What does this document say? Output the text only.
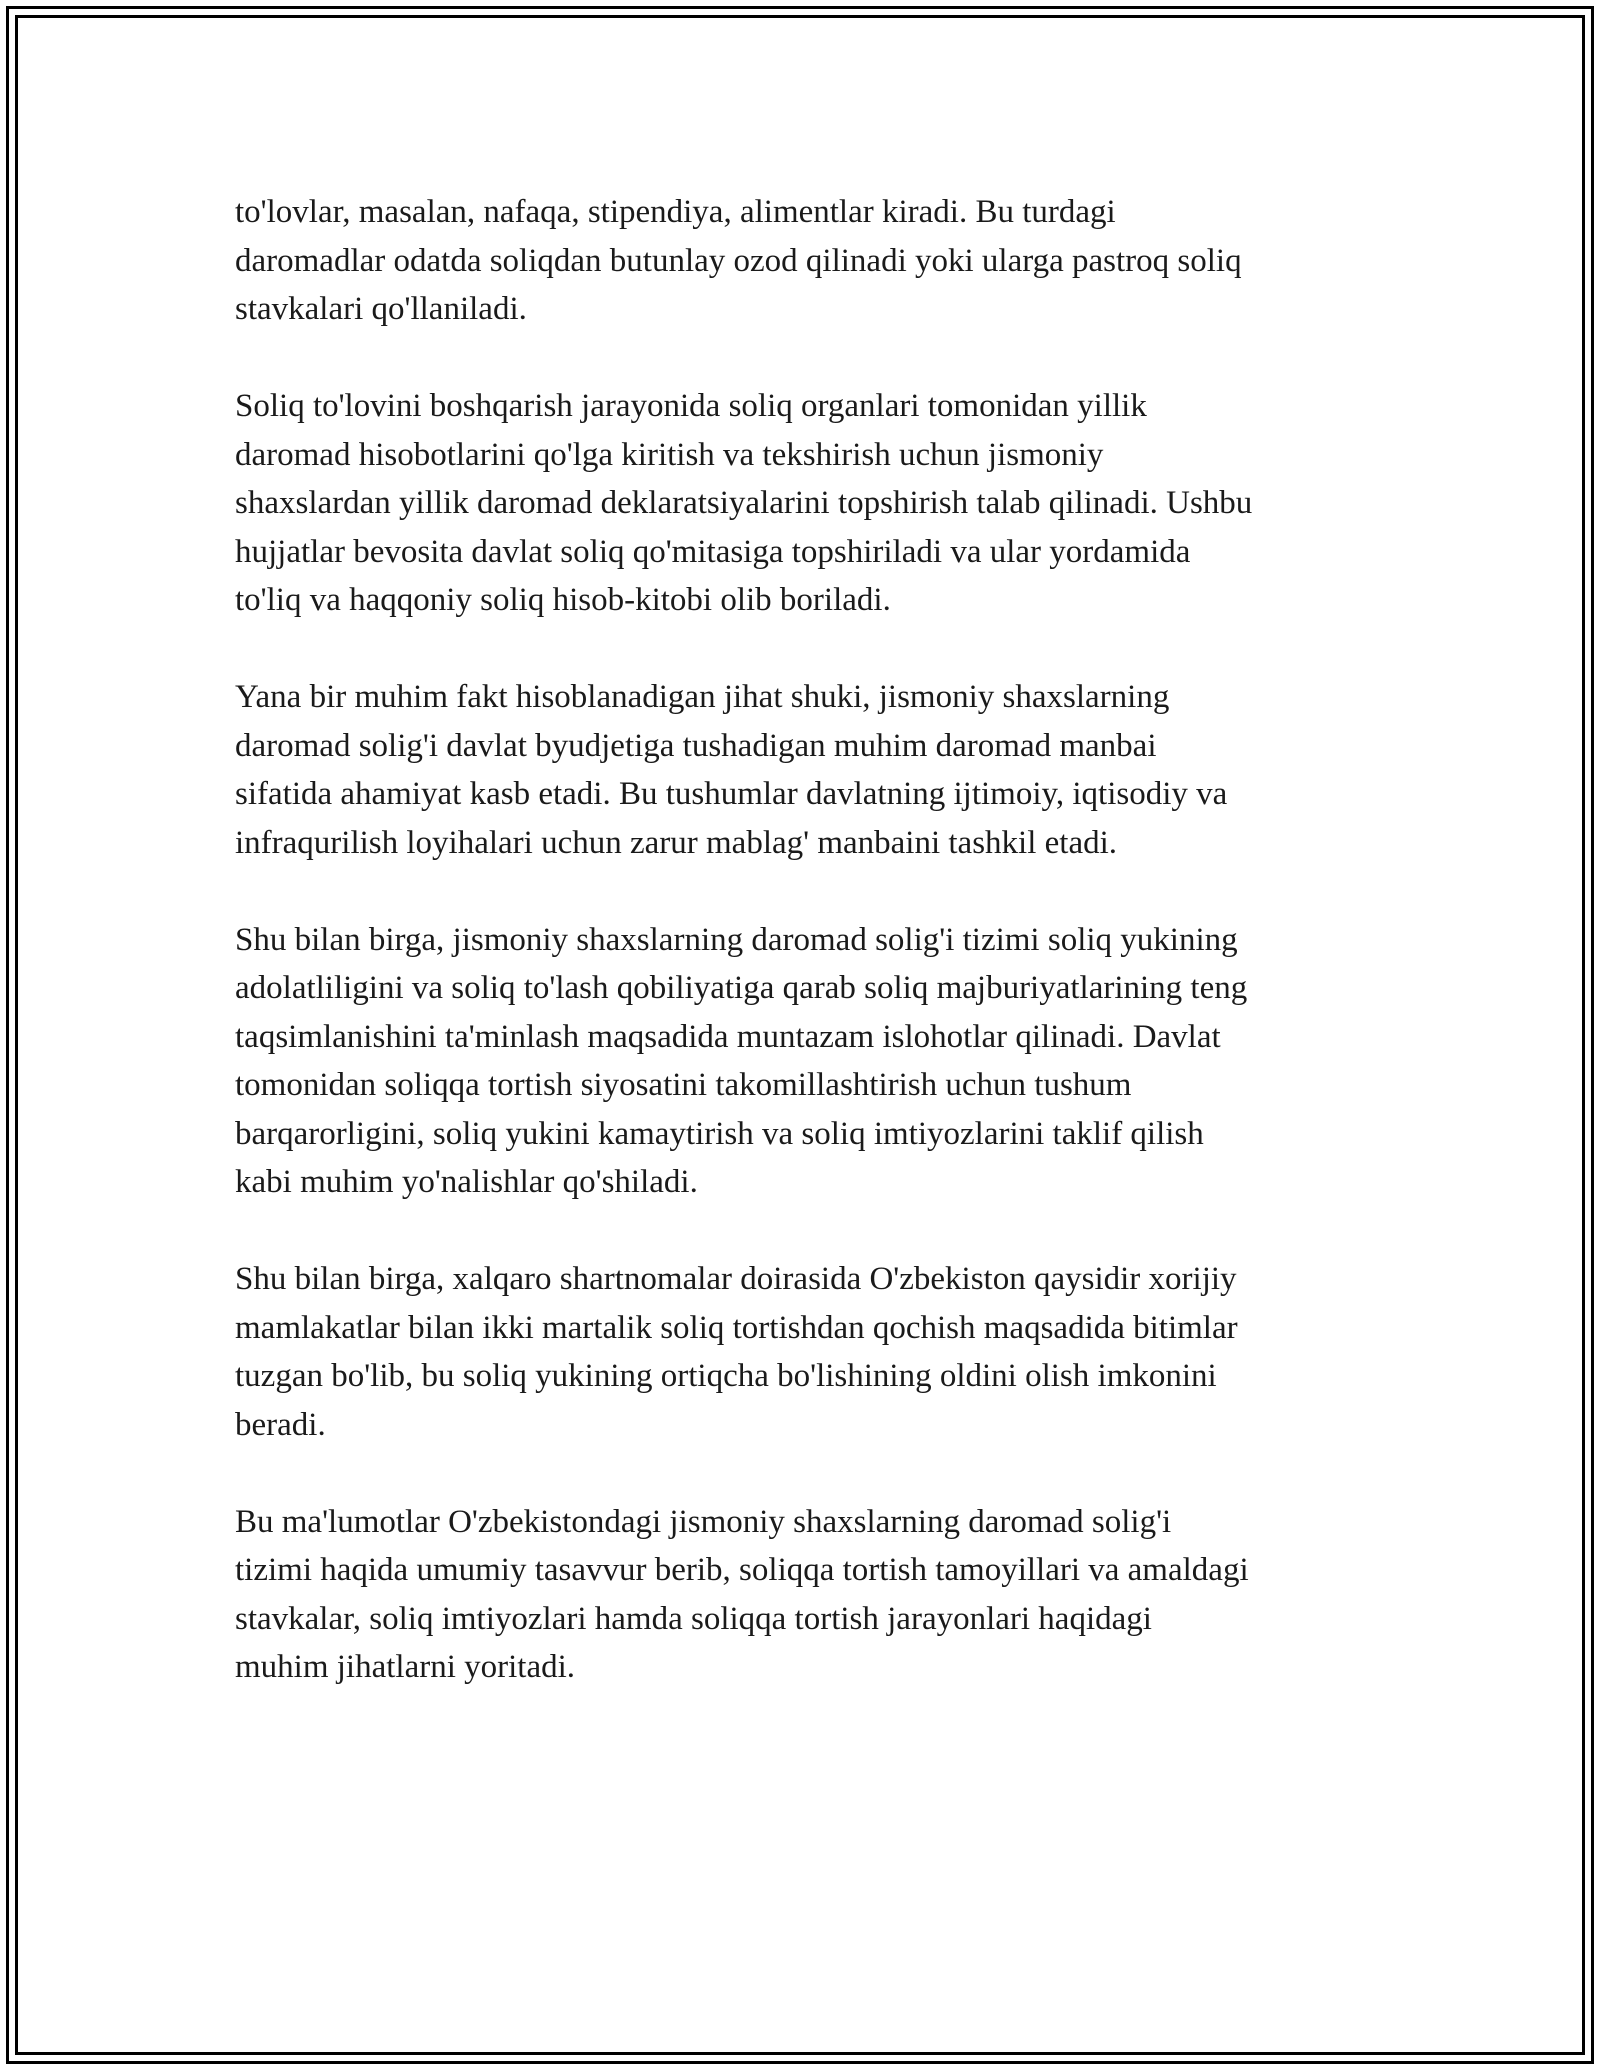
to'lovlar, masalan, nafaqa, stipendiya, alimentlar kiradi. Bu turdagi
daromadlar odatda soliqdan butunlay ozod qilinadi yoki ularga pastroq soliq
stavkalari qo'llaniladi.

Soliq to'lovini boshqarish jarayonida soliq organlari tomonidan yillik
daromad hisobotlarini qo'lga kiritish va tekshirish uchun jismoniy
shaxslardan yillik daromad deklaratsiyalarini topshirish talab qilinadi. Ushbu
hujjatlar bevosita davlat soliq qo'mitasiga topshiriladi va ular yordamida
to'liq va haqqoniy soliq hisob-kitobi olib boriladi.

Yana bir muhim fakt hisoblanadigan jihat shuki, jismoniy shaxslarning
daromad solig'i davlat byudjetiga tushadigan muhim daromad manbai
sifatida ahamiyat kasb etadi. Bu tushumlar davlatning ijtimoiy, iqtisodiy va
infraqurilish loyihalari uchun zarur mablag' manbaini tashkil etadi.

Shu bilan birga, jismoniy shaxslarning daromad solig'i tizimi soliq yukining
adolatliligini va soliq to'lash qobiliyatiga qarab soliq majburiyatlarining teng
taqsimlanishini ta'minlash maqsadida muntazam islohotlar qilinadi. Davlat
tomonidan soliqqa tortish siyosatini takomillashtirish uchun tushum
barqarorligini, soliq yukini kamaytirish va soliq imtiyozlarini taklif qilish
kabi muhim yo'nalishlar qo'shiladi.

Shu bilan birga, xalqaro shartnomalar doirasida O'zbekiston qaysidir xorijiy
mamlakatlar bilan ikki martalik soliq tortishdan qochish maqsadida bitimlar
tuzgan bo'lib, bu soliq yukining ortiqcha bo'lishining oldini olish imkonini
beradi.

Bu ma'lumotlar O'zbekistondagi jismoniy shaxslarning daromad solig'i
tizimi haqida umumiy tasavvur berib, soliqqa tortish tamoyillari va amaldagi
stavkalar, soliq imtiyozlari hamda soliqqa tortish jarayonlari haqidagi
muhim jihatlarni yoritadi.
